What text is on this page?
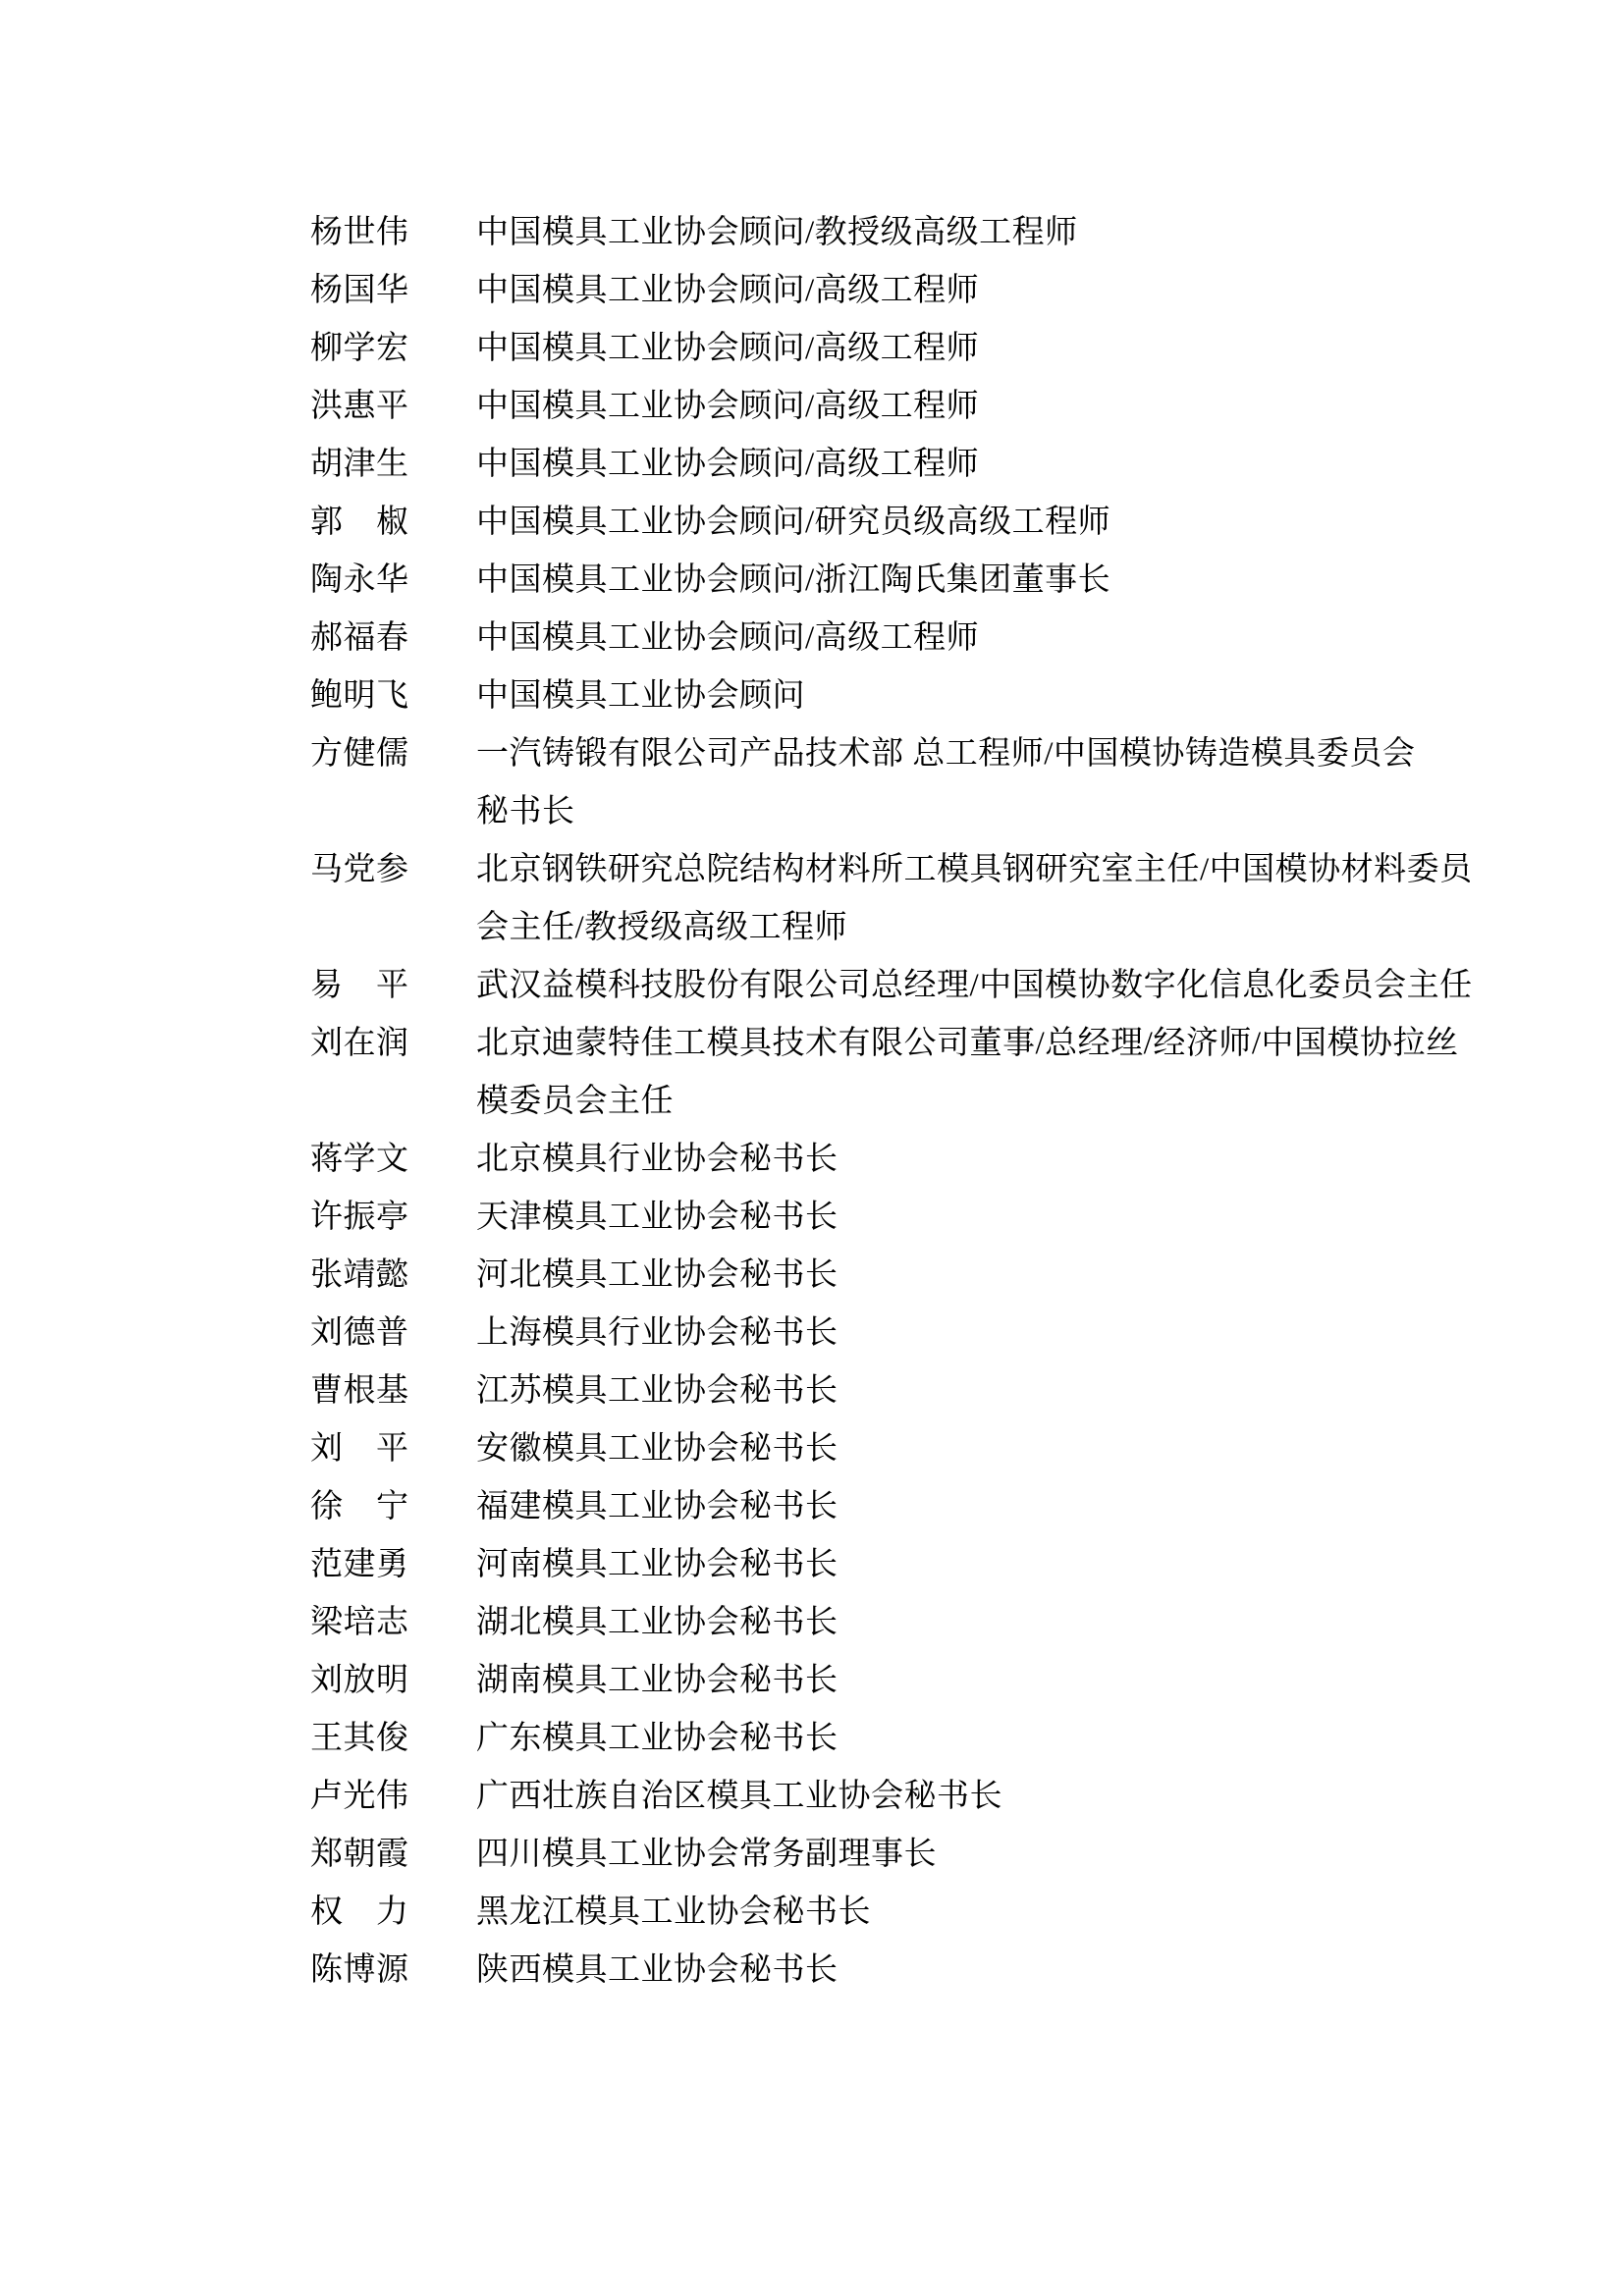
杨世伟	中国模具工业协会顾问/教授级高级工程师
杨国华	中国模具工业协会顾问/高级工程师
柳学宏	中国模具工业协会顾问/高级工程师
洪惠平	中国模具工业协会顾问/高级工程师
胡津生	中国模具工业协会顾问/高级工程师
郭　椒	中国模具工业协会顾问/研究员级高级工程师
陶永华	中国模具工业协会顾问/浙江陶氏集团董事长
郝福春	中国模具工业协会顾问/高级工程师
鲍明飞	中国模具工业协会顾问
方健儒	一汽铸锻有限公司产品技术部 总工程师/中国模协铸造模具委员会
秘书长
马党参	北京钢铁研究总院结构材料所工模具钢研究室主任/中国模协材料委员
会主任/教授级高级工程师
易　平	武汉益模科技股份有限公司总经理/中国模协数字化信息化委员会主任
刘在润	北京迪蒙特佳工模具技术有限公司董事/总经理/经济师/中国模协拉丝
模委员会主任
蒋学文	北京模具行业协会秘书长
许振亭	天津模具工业协会秘书长
张靖懿	河北模具工业协会秘书长
刘德普	上海模具行业协会秘书长
曹根基	江苏模具工业协会秘书长
刘　平	安徽模具工业协会秘书长
徐　宁	福建模具工业协会秘书长
范建勇	河南模具工业协会秘书长
梁培志	湖北模具工业协会秘书长
刘放明	湖南模具工业协会秘书长
王其俊	广东模具工业协会秘书长
卢光伟	广西壮族自治区模具工业协会秘书长
郑朝霞	四川模具工业协会常务副理事长
权　力	黑龙江模具工业协会秘书长
陈博源	陕西模具工业协会秘书长
